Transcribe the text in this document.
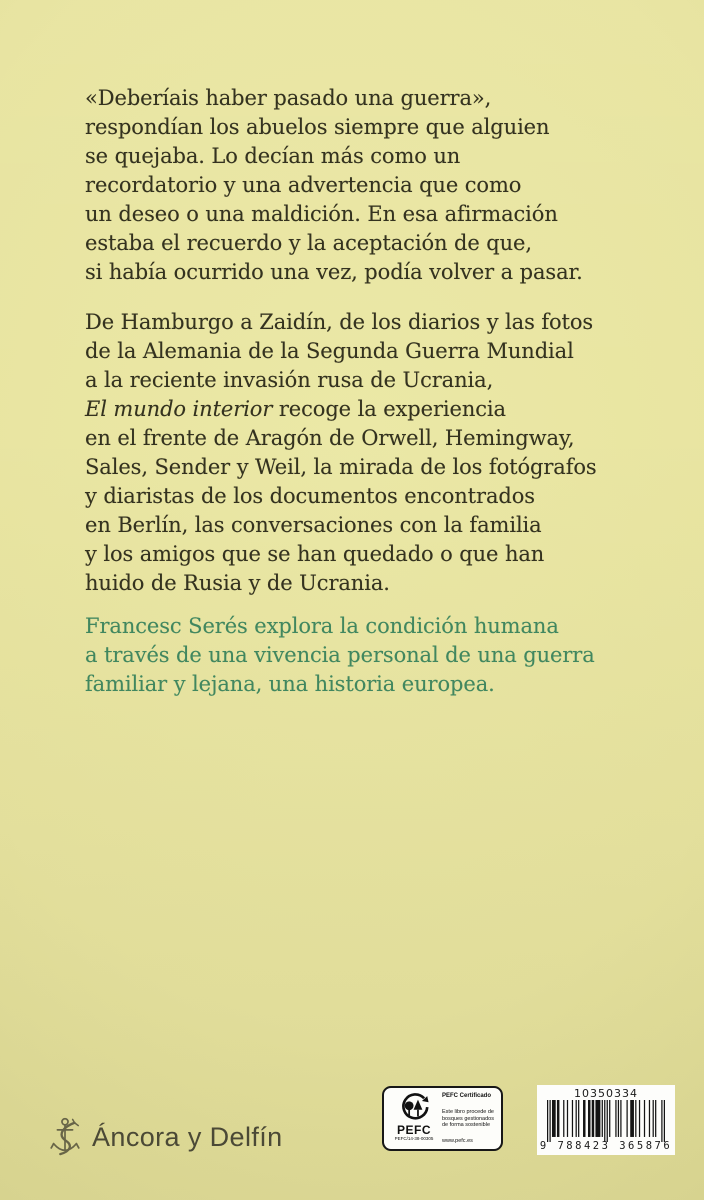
«Deberíais haber pasado una guerra»,
respondían los abuelos siempre que alguien
se quejaba. Lo decían más como un
recordatorio y una advertencia que como
un deseo o una maldición. En esa afirmación
estaba el recuerdo y la aceptación de que,
si había ocurrido una vez, podía volver a pasar.
De Hamburgo a Zaidín, de los diarios y las fotos
de la Alemania de la Segunda Guerra Mundial
a la reciente invasión rusa de Ucrania,
El mundo interior recoge la experiencia
en el frente de Aragón de Orwell, Hemingway,
Sales, Sender y Weil, la mirada de los fotógrafos
y diaristas de los documentos encontrados
en Berlín, las conversaciones con la familia
y los amigos que se han quedado o que han
huido de Rusia y de Ucrania.
Francesc Serés explora la condición humana
a través de una vivencia personal de una guerra
familiar y lejana, una historia europea.
Áncora y Delfín	PEFC
PEFC/14-38-00305
PEFC Certificado
Este libro procede de
bosques gestionados
de forma sostenible
www.pefc.es
10350334
9 788423 365876
